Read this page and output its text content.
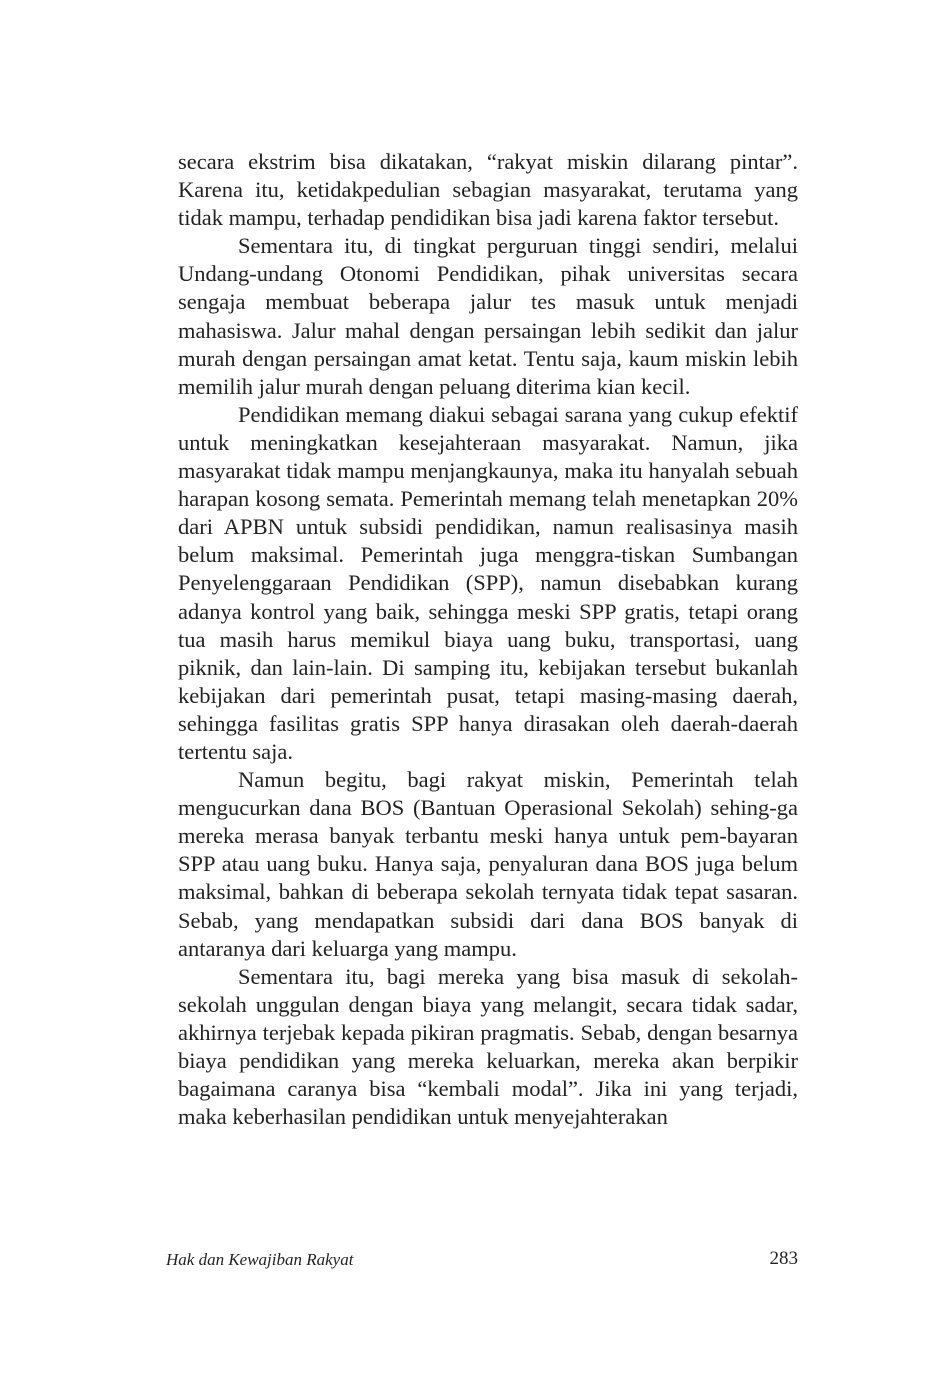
secara ekstrim bisa dikatakan, “rakyat miskin dilarang pintar”. Karena itu, ketidakpedulian sebagian masyarakat, terutama yang tidak mampu, terhadap pendidikan bisa jadi karena faktor tersebut.

Sementara itu, di tingkat perguruan tinggi sendiri, melalui Undang-undang Otonomi Pendidikan, pihak universitas secara sengaja membuat beberapa jalur tes masuk untuk menjadi mahasiswa. Jalur mahal dengan persaingan lebih sedikit dan jalur murah dengan persaingan amat ketat. Tentu saja, kaum miskin lebih memilih jalur murah dengan peluang diterima kian kecil.

Pendidikan memang diakui sebagai sarana yang cukup efektif untuk meningkatkan kesejahteraan masyarakat. Namun, jika masyarakat tidak mampu menjangkaunya, maka itu hanyalah sebuah harapan kosong semata. Pemerintah memang telah menetapkan 20% dari APBN untuk subsidi pendidikan, namun realisasinya masih belum maksimal. Pemerintah juga menggra-tiskan Sumbangan Penyelenggaraan Pendidikan (SPP), namun disebabkan kurang adanya kontrol yang baik, sehingga meski SPP gratis, tetapi orang tua masih harus memikul biaya uang buku, transportasi, uang piknik, dan lain-lain. Di samping itu, kebijakan tersebut bukanlah kebijakan dari pemerintah pusat, tetapi masing-masing daerah, sehingga fasilitas gratis SPP hanya dirasakan oleh daerah-daerah tertentu saja.

Namun begitu, bagi rakyat miskin, Pemerintah telah mengucurkan dana BOS (Bantuan Operasional Sekolah) sehing-ga mereka merasa banyak terbantu meski hanya untuk pem-bayaran SPP atau uang buku. Hanya saja, penyaluran dana BOS juga belum maksimal, bahkan di beberapa sekolah ternyata tidak tepat sasaran. Sebab, yang mendapatkan subsidi dari dana BOS banyak di antaranya dari keluarga yang mampu.

Sementara itu, bagi mereka yang bisa masuk di sekolah-sekolah unggulan dengan biaya yang melangit, secara tidak sadar, akhirnya terjebak kepada pikiran pragmatis. Sebab, dengan besarnya biaya pendidikan yang mereka keluarkan, mereka akan berpikir bagaimana caranya bisa “kembali modal”. Jika ini yang terjadi, maka keberhasilan pendidikan untuk menyejahterakan

Hak dan Kewajiban Rakyat	283
